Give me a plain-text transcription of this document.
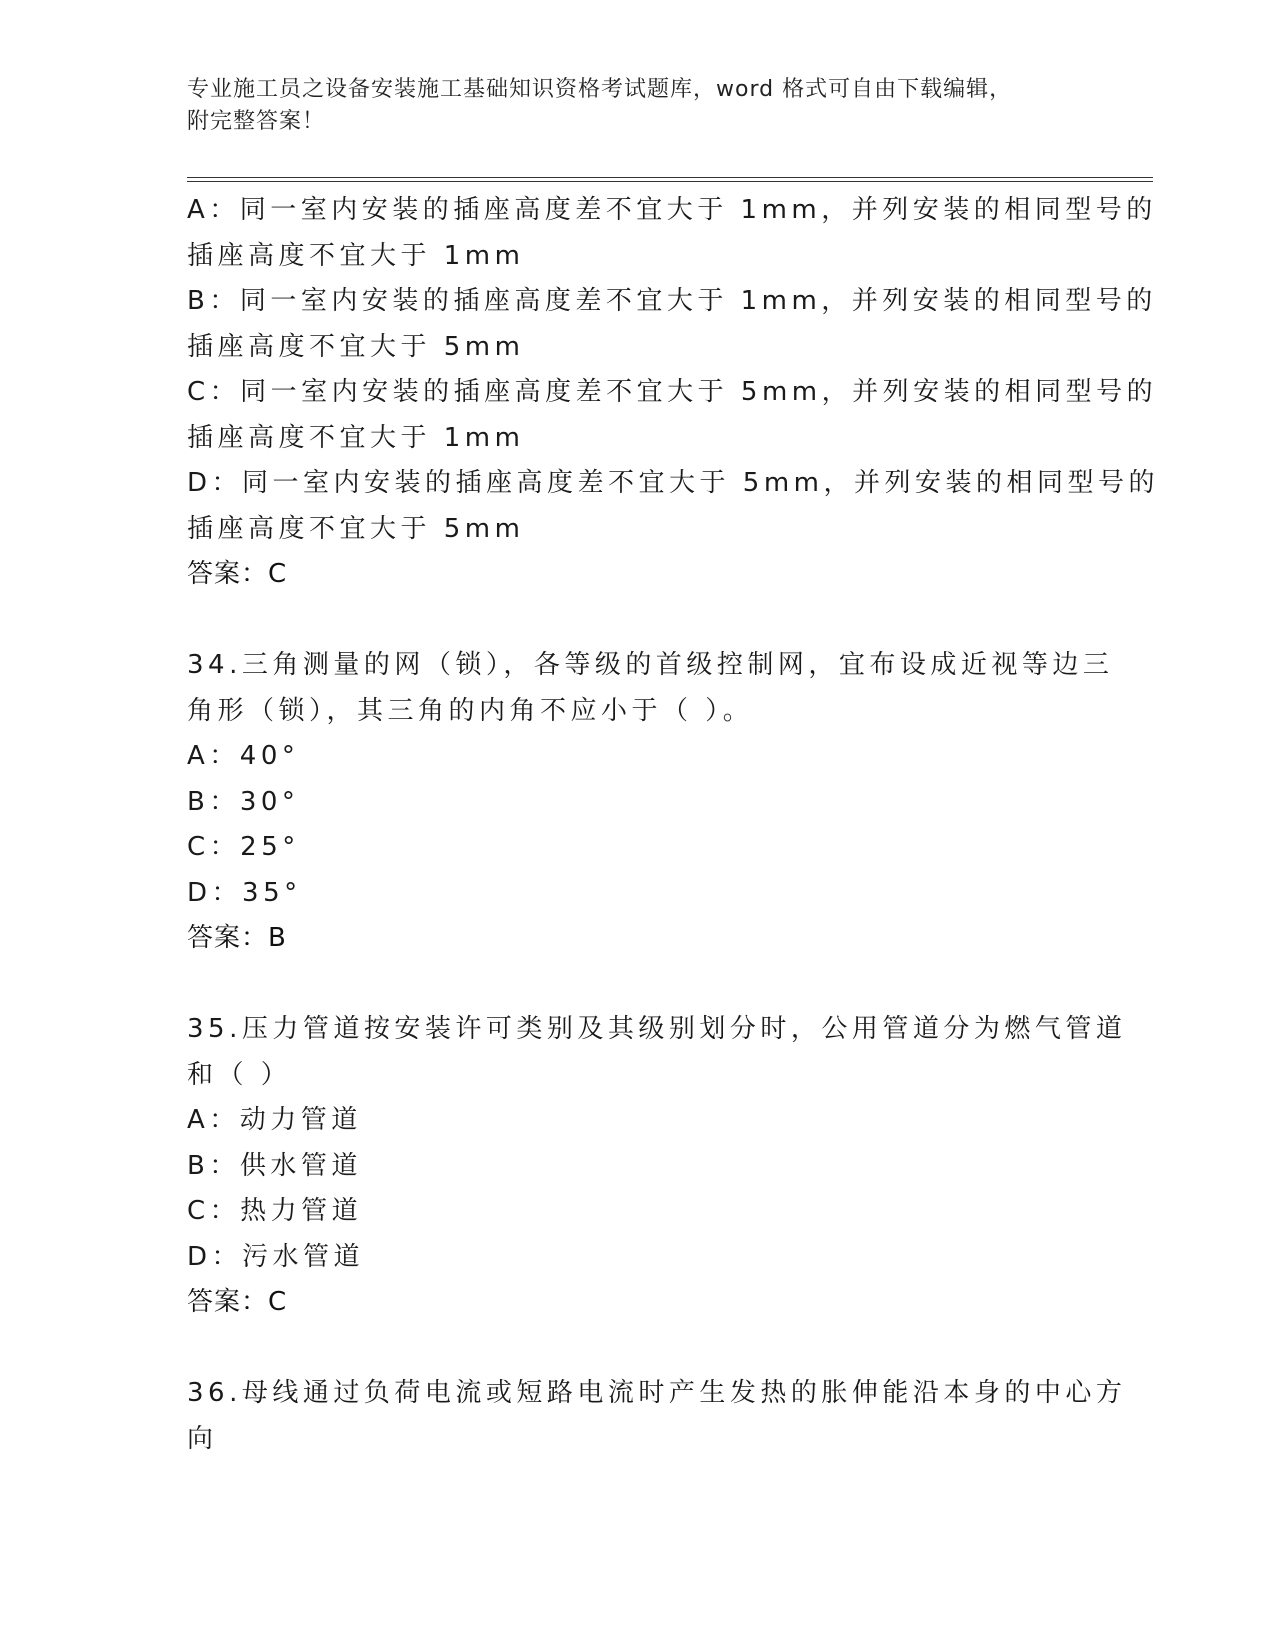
专业施工员之设备安装施工基础知识资格考试题库，word 格式可自由下载编辑，
附完整答案！
A：同一室内安装的插座高度差不宜大于 1mm，并列安装的相同型号的
插座高度不宜大于 1mm
B：同一室内安装的插座高度差不宜大于 1mm，并列安装的相同型号的
插座高度不宜大于 5mm
C：同一室内安装的插座高度差不宜大于 5mm，并列安装的相同型号的
插座高度不宜大于 1mm
D：同一室内安装的插座高度差不宜大于 5mm，并列安装的相同型号的
插座高度不宜大于 5mm
答案：C
34.三角测量的网（锁），各等级的首级控制网，宜布设成近视等边三
角形（锁），其三角的内角不应小于（ ）。
A：40°
B：30°
C：25°
D：35°
答案：B
35.压力管道按安装许可类别及其级别划分时，公用管道分为燃气管道
和（ ）
A：动力管道
B：供水管道
C：热力管道
D：污水管道
答案：C
36.母线通过负荷电流或短路电流时产生发热的胀伸能沿本身的中心方
向
